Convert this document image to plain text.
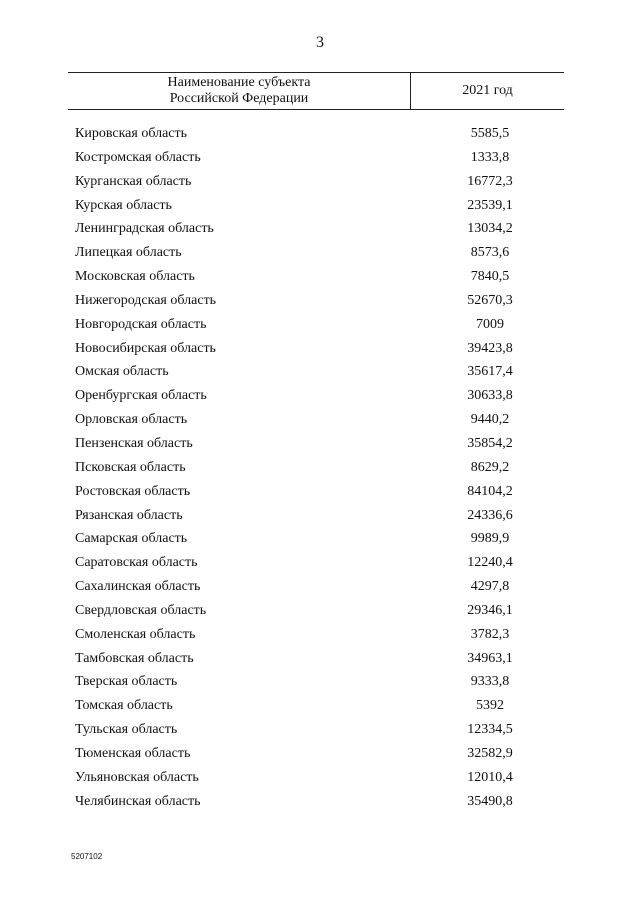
3
Наименование субъекта
Российской Федерации
2021 год
Кировская область	5585,5
Костромская область	1333,8
Курганская область	16772,3
Курская область	23539,1
Ленинградская область	13034,2
Липецкая область	8573,6
Московская область	7840,5
Нижегородская область	52670,3
Новгородская область	7009
Новосибирская область	39423,8
Омская область	35617,4
Оренбургская область	30633,8
Орловская область	9440,2
Пензенская область	35854,2
Псковская область	8629,2
Ростовская область	84104,2
Рязанская область	24336,6
Самарская область	9989,9
Саратовская область	12240,4
Сахалинская область	4297,8
Свердловская область	29346,1
Смоленская область	3782,3
Тамбовская область	34963,1
Тверская область	9333,8
Томская область	5392
Тульская область	12334,5
Тюменская область	32582,9
Ульяновская область	12010,4
Челябинская область	35490,8
5207102
